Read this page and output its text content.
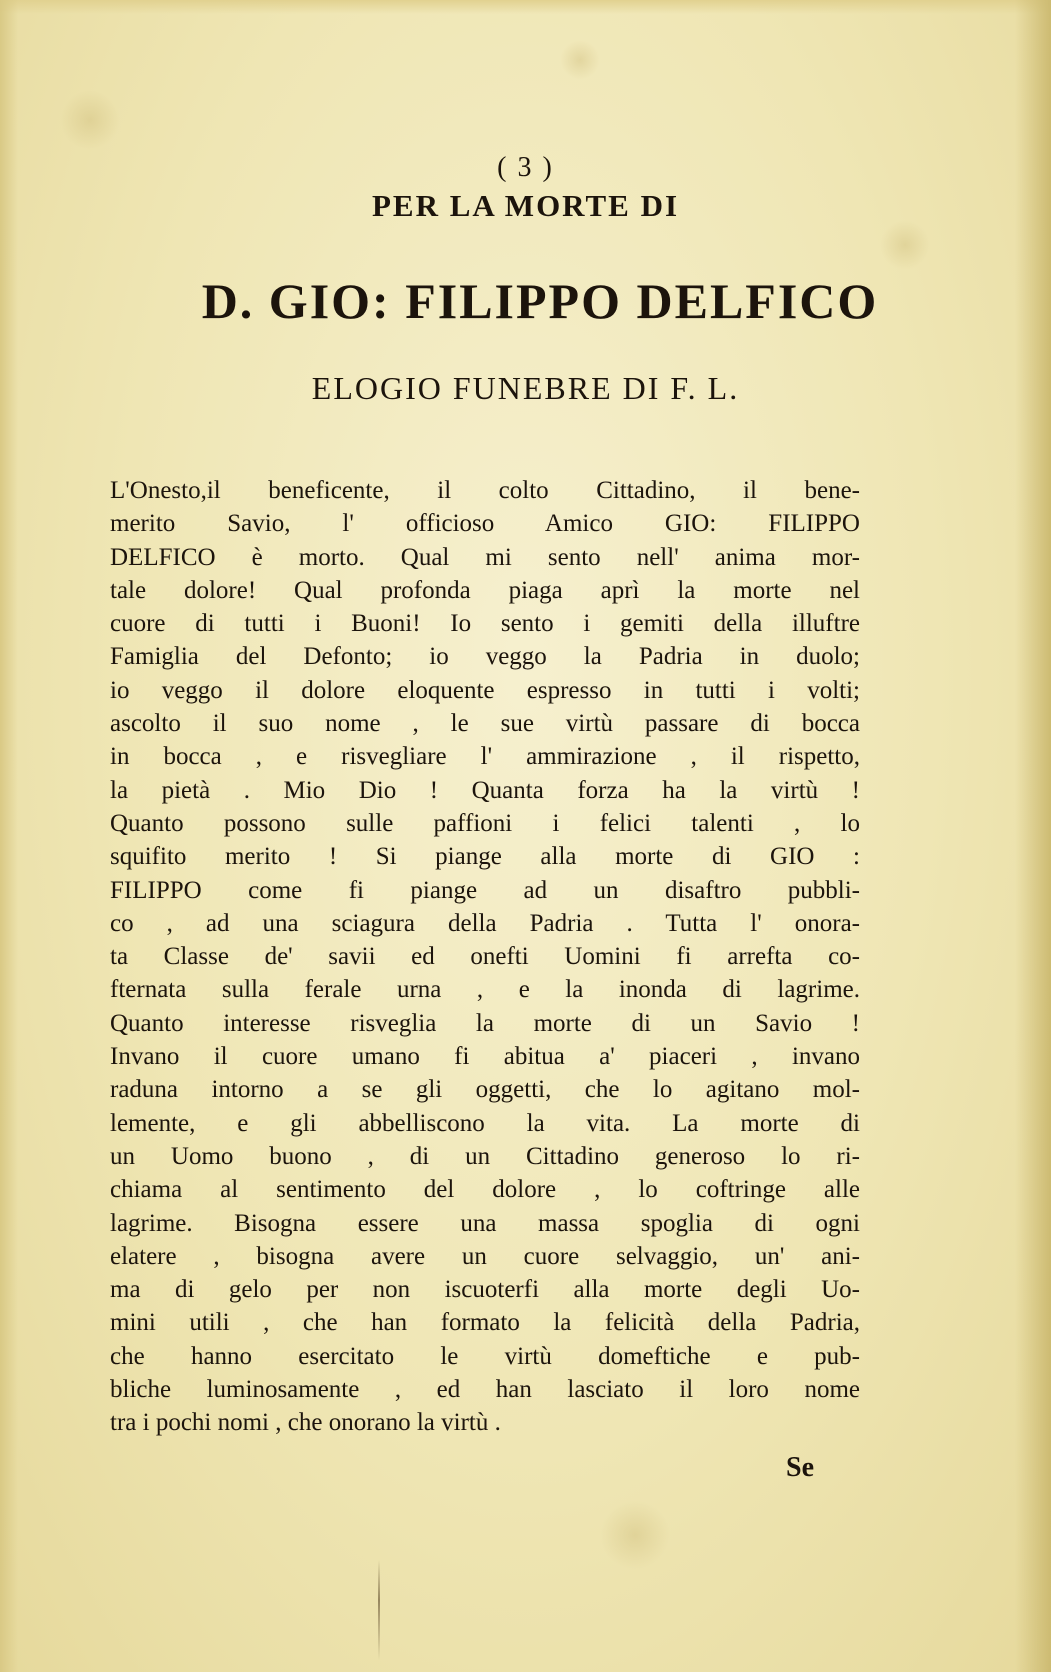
( 3 )
PER LA MORTE DI
D. GIO: FILIPPO DELFICO
ELOGIO FUNEBRE DI F. L.
L'Onesto,il beneficente, il colto Cittadino, il bene-
merito Savio, l' officioso Amico GIO: FILIPPO
DELFICO è morto. Qual mi sento nell' anima mor-
tale dolore! Qual profonda piaga aprì la morte nel
cuore di tutti i Buoni! Io sento i gemiti della illuftre
Famiglia del Defonto; io veggo la Padria in duolo;
io veggo il dolore eloquente espresso in tutti i volti;
ascolto il suo nome , le sue virtù passare di bocca
in bocca , e risvegliare l' ammirazione , il rispetto,
la pietà . Mio Dio ! Quanta forza ha la virtù !
Quanto possono sulle paffioni i felici talenti , lo
squifito merito ! Si piange alla morte di GIO :
FILIPPO come fi piange ad un disaftro pubbli-
co , ad una sciagura della Padria . Tutta l' onora-
ta Classe de' savii ed onefti Uomini fi arrefta co-
fternata sulla ferale urna , e la inonda di lagrime.
Quanto interesse risveglia la morte di un Savio !
Invano il cuore umano fi abitua a' piaceri , invano
raduna intorno a se gli oggetti, che lo agitano mol-
lemente, e gli abbelliscono la vita. La morte di
un Uomo buono , di un Cittadino generoso lo ri-
chiama al sentimento del dolore , lo coftringe alle
lagrime. Bisogna essere una massa spoglia di ogni
elatere , bisogna avere un cuore selvaggio, un' ani-
ma di gelo per non iscuoterfi alla morte degli Uo-
mini utili , che han formato la felicità della Padria,
che hanno esercitato le virtù domeftiche e pub-
bliche luminosamente , ed han lasciato il loro nome
tra i pochi nomi , che onorano la virtù .
Se
